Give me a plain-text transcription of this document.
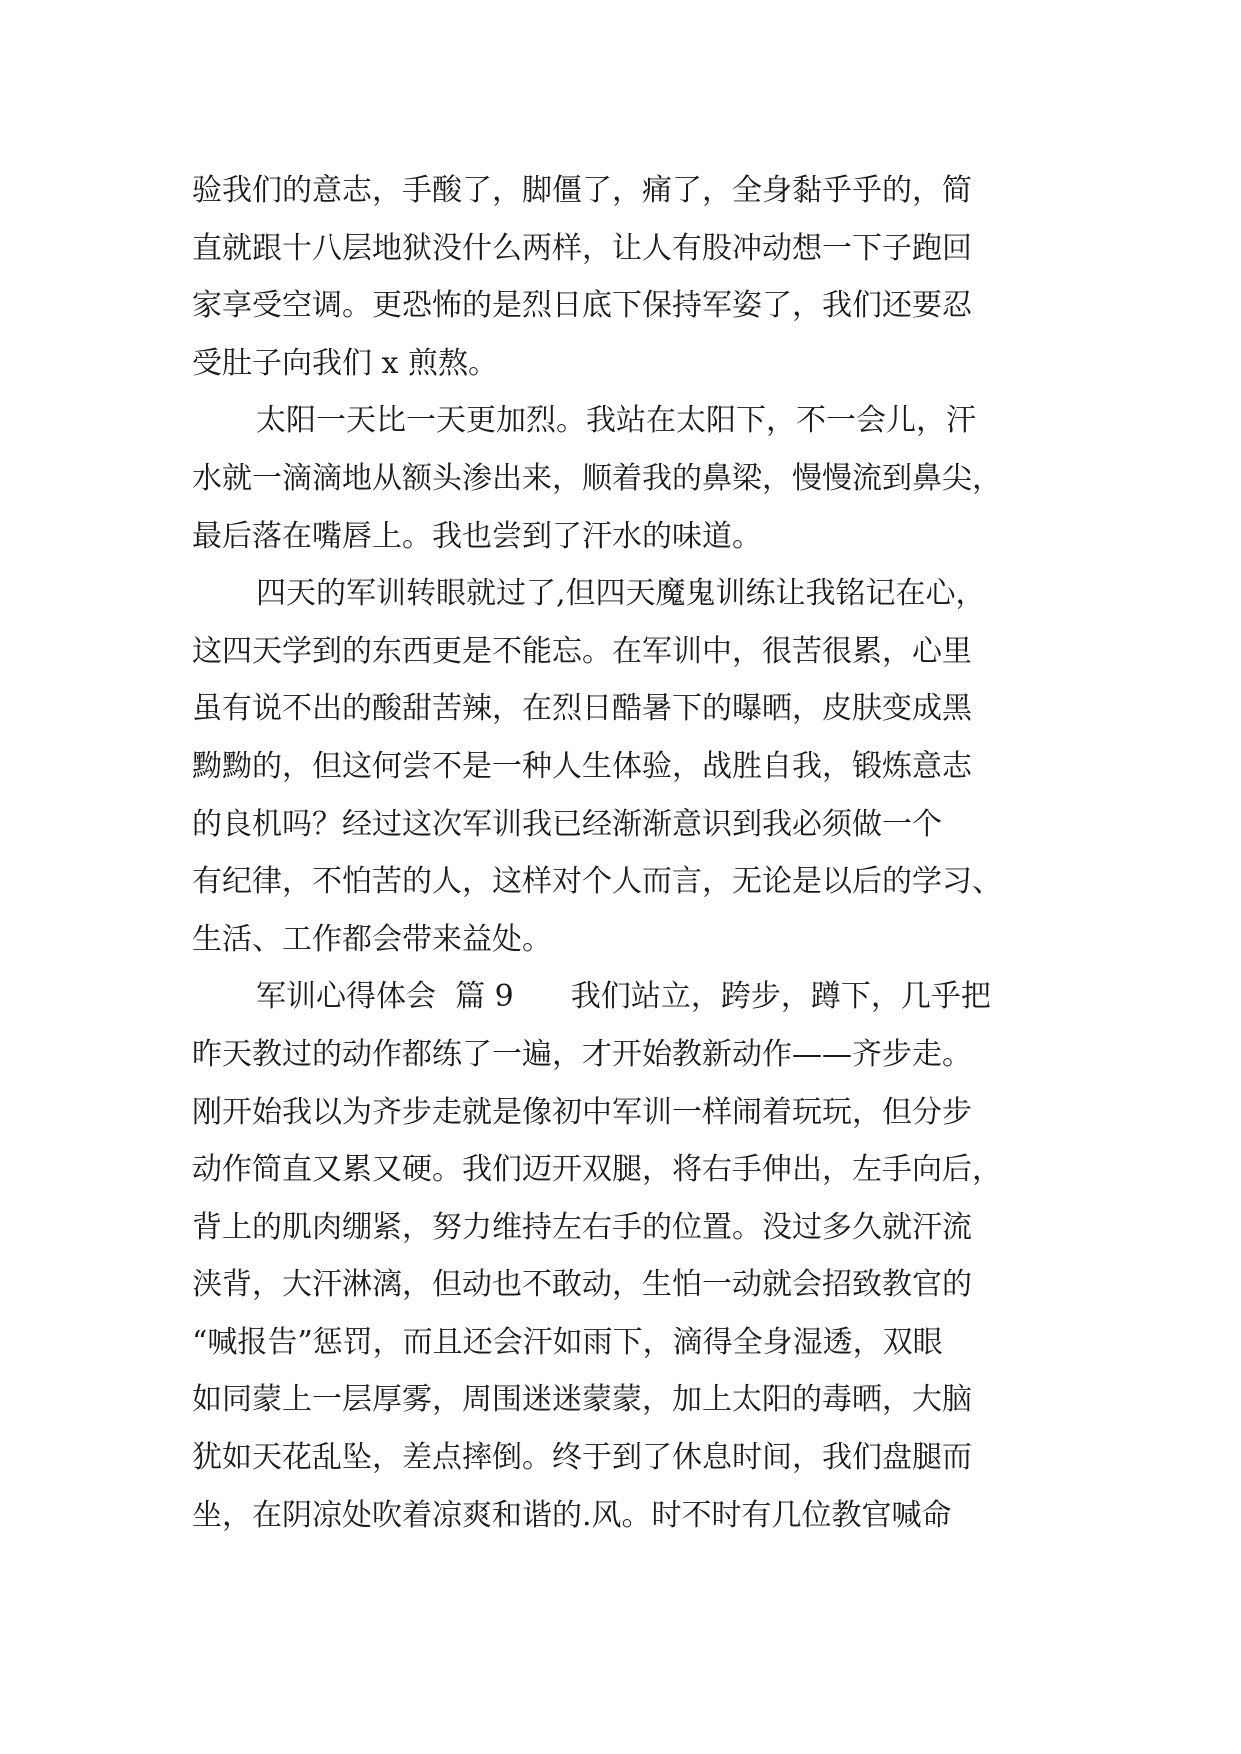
验我们的意志，手酸了，脚僵了，痛了，全身黏乎乎的，简
直就跟十八层地狱没什么两样，让人有股冲动想一下子跑回
家享受空调。更恐怖的是烈日底下保持军姿了，我们还要忍
受肚子向我们 x 煎熬。
太阳一天比一天更加烈。我站在太阳下，不一会儿，汗
水就一滴滴地从额头渗出来，顺着我的鼻梁，慢慢流到鼻尖，
最后落在嘴唇上。我也尝到了汗水的味道。
四天的军训转眼就过了,但四天魔鬼训练让我铭记在心，
这四天学到的东西更是不能忘。在军训中，很苦很累，心里
虽有说不出的酸甜苦辣，在烈日酷暑下的曝晒，皮肤变成黑
黝黝的，但这何尝不是一种人生体验，战胜自我，锻炼意志
的良机吗？经过这次军训我已经渐渐意识到我必须做一个
有纪律，不怕苦的人，这样对个人而言，无论是以后的学习、
生活、工作都会带来益处。
军训心得体会  篇 9      我们站立，跨步，蹲下，几乎把
昨天教过的动作都练了一遍，才开始教新动作——齐步走。
刚开始我以为齐步走就是像初中军训一样闹着玩玩，但分步
动作简直又累又硬。我们迈开双腿，将右手伸出，左手向后，
背上的肌肉绷紧，努力维持左右手的位置。没过多久就汗流
浃背，大汗淋漓，但动也不敢动，生怕一动就会招致教官的
“喊报告”惩罚，而且还会汗如雨下，滴得全身湿透，双眼
如同蒙上一层厚雾，周围迷迷蒙蒙，加上太阳的毒晒，大脑
犹如天花乱坠，差点摔倒。终于到了休息时间，我们盘腿而
坐，在阴凉处吹着凉爽和谐的.风。时不时有几位教官喊命
